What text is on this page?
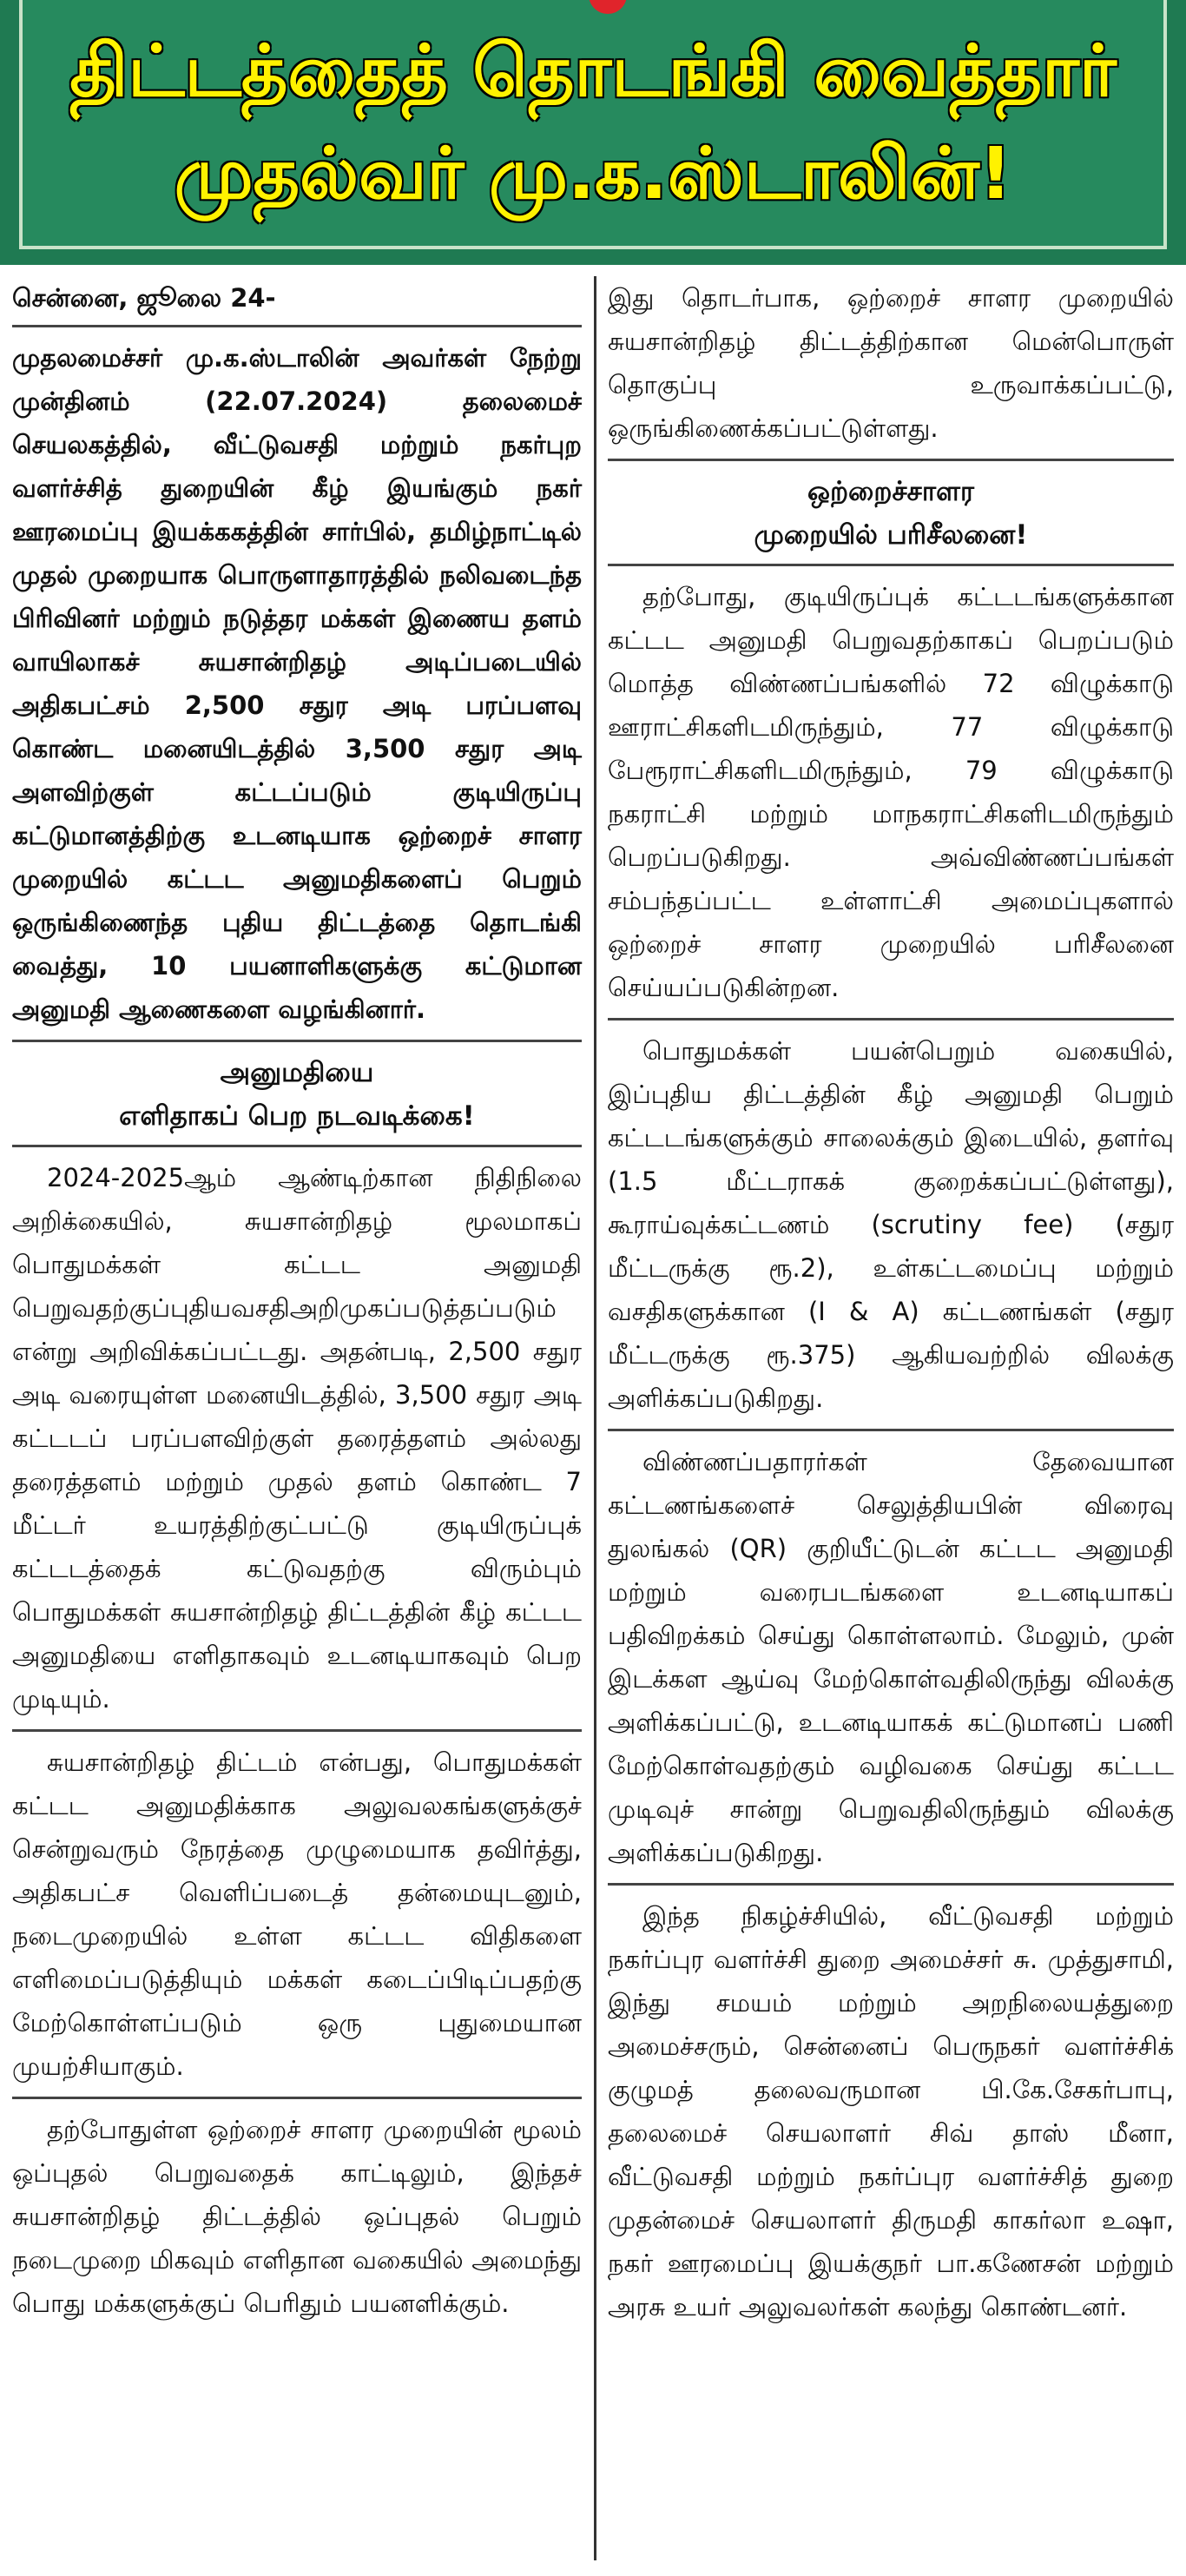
திட்டத்தைத் தொடங்கி வைத்தார்
முதல்வர் மு.க.ஸ்டாலின்!

சென்னை, ஜூலை 24-

முதலமைச்சர் மு.க.ஸ்டாலின் அவர்கள் நேற்று முன்தினம் (22.07.2024) தலைமைச் செயலகத்தில், வீட்டுவசதி மற்றும் நகர்புற வளர்ச்சித் துறையின் கீழ் இயங்கும் நகர் ஊரமைப்பு இயக்ககத்தின் சார்பில், தமிழ்நாட்டில் முதல் முறையாக பொருளாதாரத்தில் நலிவடைந்த பிரிவினர் மற்றும் நடுத்தர மக்கள் இணைய தளம் வாயிலாகச் சுயசான்றிதழ் அடிப்படையில் அதிகபட்சம் 2,500 சதுர அடி பரப்பளவு கொண்ட மனையிடத்தில் 3,500 சதுர அடி அளவிற்குள் கட்டப்படும் குடியிருப்பு கட்டுமானத்திற்கு உடனடியாக ஒற்றைச் சாளர முறையில் கட்டட அனுமதிகளைப் பெறும் ஒருங்கிணைந்த புதிய திட்டத்தை தொடங்கி வைத்து, 10 பயனாளிகளுக்கு கட்டுமான அனுமதி ஆணைகளை வழங்கினார்.

அனுமதியை
எளிதாகப் பெற நடவடிக்கை!

2024-2025ஆம் ஆண்டிற்கான நிதிநிலை அறிக்கையில், சுயசான்றிதழ் மூலமாகப் பொதுமக்கள் கட்டட அனுமதி பெறுவதற்குப்புதியவசதிஅறிமுகப்படுத்தப்படும் என்று அறிவிக்கப்பட்டது. அதன்படி, 2,500 சதுர அடி வரையுள்ள மனையிடத்தில், 3,500 சதுர அடி கட்டடப் பரப்பளவிற்குள் தரைத்தளம் அல்லது தரைத்தளம் மற்றும் முதல் தளம் கொண்ட 7 மீட்டர் உயரத்திற்குட்பட்டு குடியிருப்புக் கட்டடத்தைக் கட்டுவதற்கு விரும்பும் பொதுமக்கள் சுயசான்றிதழ் திட்டத்தின் கீழ் கட்டட அனுமதியை எளிதாகவும் உடனடியாகவும் பெற முடியும்.

சுயசான்றிதழ் திட்டம் என்பது, பொதுமக்கள் கட்டட அனுமதிக்காக அலுவலகங்களுக்குச் சென்றுவரும் நேரத்தை முழுமையாக தவிர்த்து, அதிகபட்ச வெளிப்படைத் தன்மையுடனும், நடைமுறையில் உள்ள கட்டட விதிகளை எளிமைப்படுத்தியும் மக்கள் கடைப்பிடிப்பதற்கு மேற்கொள்ளப்படும் ஒரு புதுமையான முயற்சியாகும்.

தற்போதுள்ள ஒற்றைச் சாளர முறையின் மூலம் ஒப்புதல் பெறுவதைக் காட்டிலும், இந்தச் சுயசான்றிதழ் திட்டத்தில் ஒப்புதல் பெறும் நடைமுறை மிகவும் எளிதான வகையில் அமைந்து பொது மக்களுக்குப் பெரிதும் பயனளிக்கும்.

இது தொடர்பாக, ஒற்றைச் சாளர முறையில் சுயசான்றிதழ் திட்டத்திற்கான மென்பொருள் தொகுப்பு உருவாக்கப்பட்டு, ஒருங்கிணைக்கப்பட்டுள்ளது.

ஒற்றைச்சாளர
முறையில் பரிசீலனை!

தற்போது, குடியிருப்புக் கட்டடங்களுக்கான கட்டட அனுமதி பெறுவதற்காகப் பெறப்படும் மொத்த விண்ணப்பங்களில் 72 விழுக்காடு ஊராட்சிகளிடமிருந்தும், 77 விழுக்காடு பேரூராட்சிகளிடமிருந்தும், 79 விழுக்காடு நகராட்சி மற்றும் மாநகராட்சிகளிடமிருந்தும் பெறப்படுகிறது. அவ்விண்ணப்பங்கள் சம்பந்தப்பட்ட உள்ளாட்சி அமைப்புகளால் ஒற்றைச் சாளர முறையில் பரிசீலனை செய்யப்படுகின்றன.

பொதுமக்கள் பயன்பெறும் வகையில், இப்புதிய திட்டத்தின் கீழ் அனுமதி பெறும் கட்டடங்களுக்கும் சாலைக்கும் இடையில், தளர்வு (1.5 மீட்டராகக் குறைக்கப்பட்டுள்ளது), கூராய்வுக்கட்டணம் (scrutiny fee) (சதுர மீட்டருக்கு ரூ.2), உள்கட்டமைப்பு மற்றும் வசதிகளுக்கான (I & A) கட்டணங்கள் (சதுர மீட்டருக்கு ரூ.375) ஆகியவற்றில் விலக்கு அளிக்கப்படுகிறது.

விண்ணப்பதாரர்கள் தேவையான கட்டணங்களைச் செலுத்தியபின் விரைவு துலங்கல் (QR) குறியீட்டுடன் கட்டட அனுமதி மற்றும் வரைபடங்களை உடனடியாகப் பதிவிறக்கம் செய்து கொள்ளலாம். மேலும், முன் இடக்கள ஆய்வு மேற்கொள்வதிலிருந்து விலக்கு அளிக்கப்பட்டு, உடனடியாகக் கட்டுமானப் பணி மேற்கொள்வதற்கும் வழிவகை செய்து கட்டட முடிவுச் சான்று பெறுவதிலிருந்தும் விலக்கு அளிக்கப்படுகிறது.

இந்த நிகழ்ச்சியில், வீட்டுவசதி மற்றும் நகர்ப்புர வளர்ச்சி துறை அமைச்சர் சு. முத்துசாமி, இந்து சமயம் மற்றும் அறநிலையத்துறை அமைச்சரும், சென்னைப் பெருநகர் வளர்ச்சிக் குழுமத் தலைவருமான பி.கே.சேகர்பாபு, தலைமைச் செயலாளர் சிவ் தாஸ் மீனா, வீட்டுவசதி மற்றும் நகர்ப்புர வளர்ச்சித் துறை முதன்மைச் செயலாளர் திருமதி காகர்லா உஷா, நகர் ஊரமைப்பு இயக்குநர் பா.கணேசன் மற்றும் அரசு உயர் அலுவலர்கள் கலந்து கொண்டனர்.
